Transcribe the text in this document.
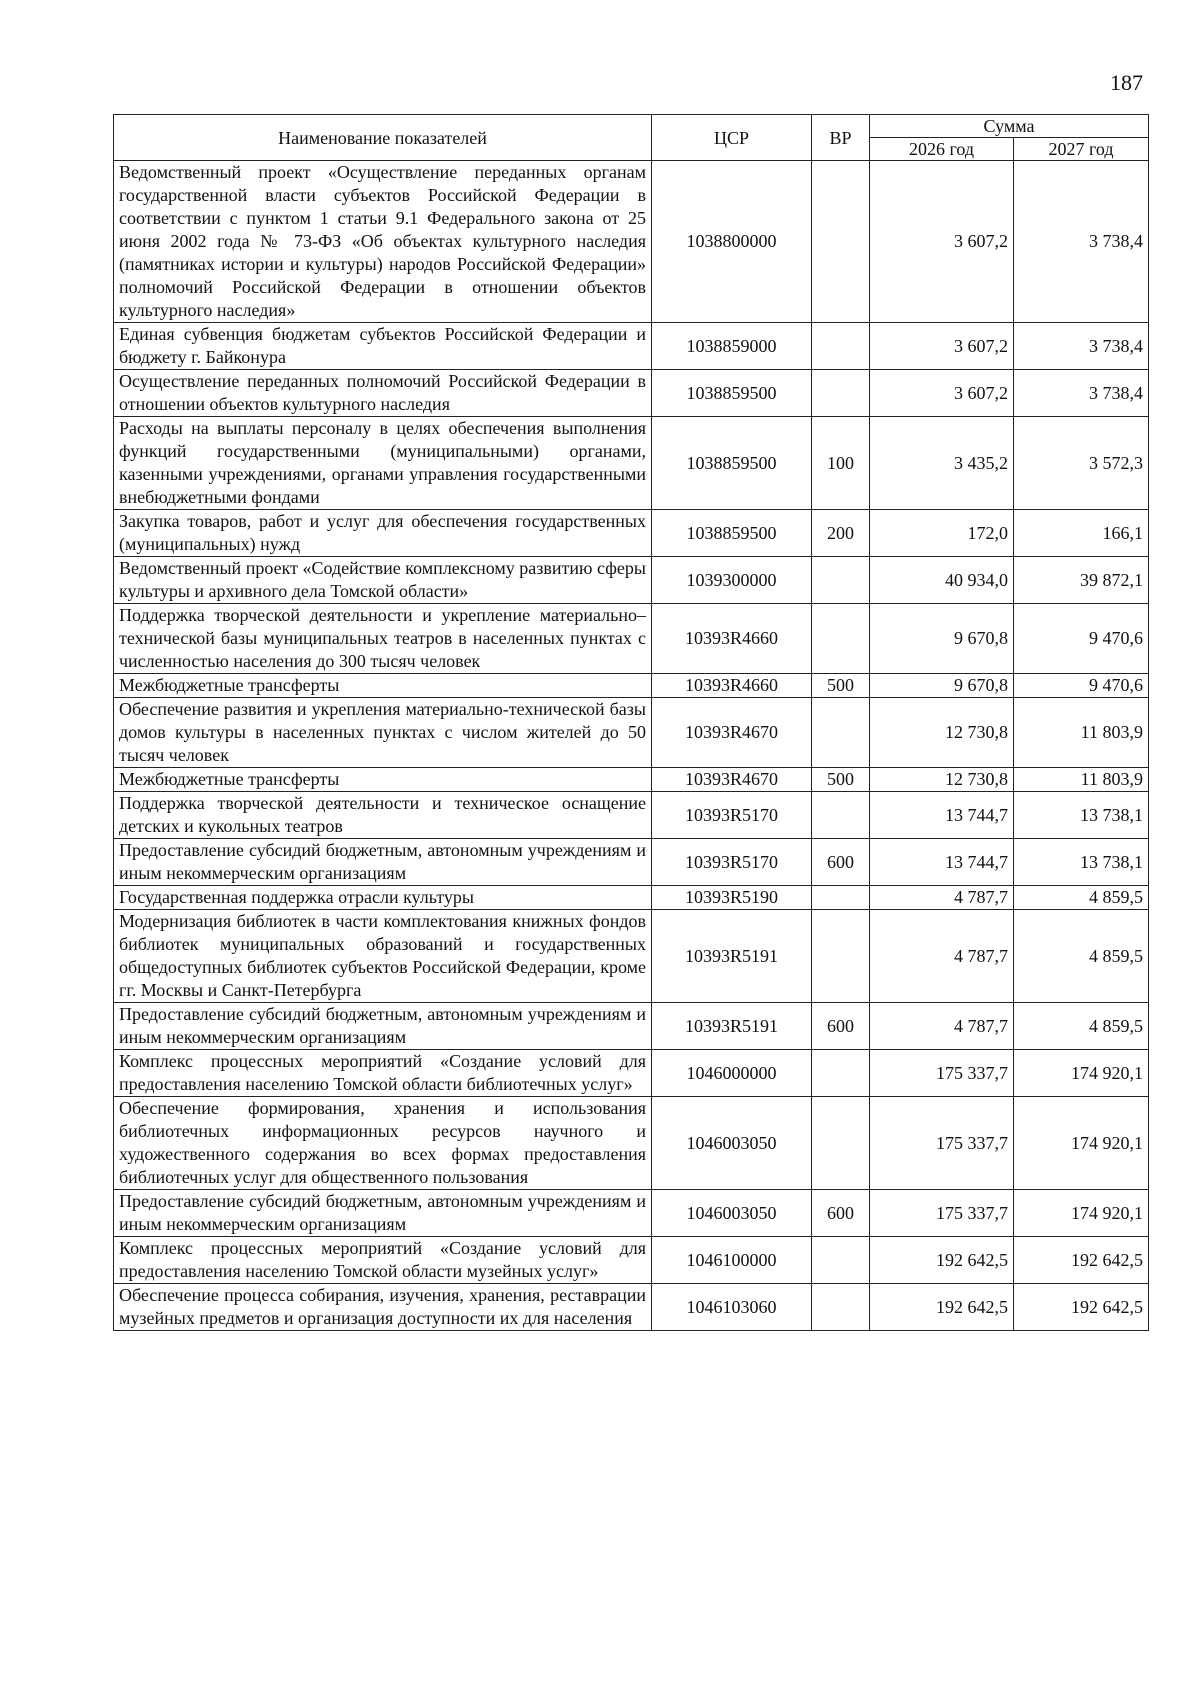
187
Наименование показателей	ЦСР	ВР	Сумма	
			2026 год	2027 год
Ведомственный проект «Осуществление переданных органам государственной власти субъектов Российской Федерации в соответствии с пунктом 1 статьи 9.1 Федерального закона от 25 июня 2002 года № 73-ФЗ «Об объектах культурного наследия (памятниках истории и культуры) народов Российской Федерации» полномочий Российской Федерации в отношении объектов культурного наследия»	1038800000		3 607,2	3 738,4
Единая субвенция бюджетам субъектов Российской Федерации и бюджету г. Байконура	1038859000		3 607,2	3 738,4
Осуществление переданных полномочий Российской Федерации в отношении объектов культурного наследия	1038859500		3 607,2	3 738,4
Расходы на выплаты персоналу в целях обеспечения выполнения функций государственными (муниципальными) органами, казенными учреждениями, органами управления государственными внебюджетными фондами	1038859500	100	3 435,2	3 572,3
Закупка товаров, работ и услуг для обеспечения государственных (муниципальных) нужд	1038859500	200	172,0	166,1
Ведомственный проект «Содействие комплексному развитию сферы культуры и архивного дела Томской области»	1039300000		40 934,0	39 872,1
Поддержка творческой деятельности и укрепление материально–технической базы муниципальных театров в населенных пунктах с численностью населения до 300 тысяч человек	10393R4660		9 670,8	9 470,6
Межбюджетные трансферты	10393R4660	500	9 670,8	9 470,6
Обеспечение развития и укрепления материально-технической базы домов культуры в населенных пунктах с числом жителей до 50 тысяч человек	10393R4670		12 730,8	11 803,9
Межбюджетные трансферты	10393R4670	500	12 730,8	11 803,9
Поддержка творческой деятельности и техническое оснащение детских и кукольных театров	10393R5170		13 744,7	13 738,1
Предоставление субсидий бюджетным, автономным учреждениям и иным некоммерческим организациям	10393R5170	600	13 744,7	13 738,1
Государственная поддержка отрасли культуры	10393R5190		4 787,7	4 859,5
Модернизация библиотек в части комплектования книжных фондов библиотек муниципальных образований и государственных общедоступных библиотек субъектов Российской Федерации, кроме гг. Москвы и Санкт-Петербурга	10393R5191		4 787,7	4 859,5
Предоставление субсидий бюджетным, автономным учреждениям и иным некоммерческим организациям	10393R5191	600	4 787,7	4 859,5
Комплекс процессных мероприятий «Создание условий для предоставления населению Томской области библиотечных услуг»	1046000000		175 337,7	174 920,1
Обеспечение формирования, хранения и использования библиотечных информационных ресурсов научного и художественного содержания во всех формах предоставления библиотечных услуг для общественного пользования	1046003050		175 337,7	174 920,1
Предоставление субсидий бюджетным, автономным учреждениям и иным некоммерческим организациям	1046003050	600	175 337,7	174 920,1
Комплекс процессных мероприятий «Создание условий для предоставления населению Томской области музейных услуг»	1046100000		192 642,5	192 642,5
Обеспечение процесса собирания, изучения, хранения, реставрации музейных предметов и организация доступности их для населения	1046103060		192 642,5	192 642,5
